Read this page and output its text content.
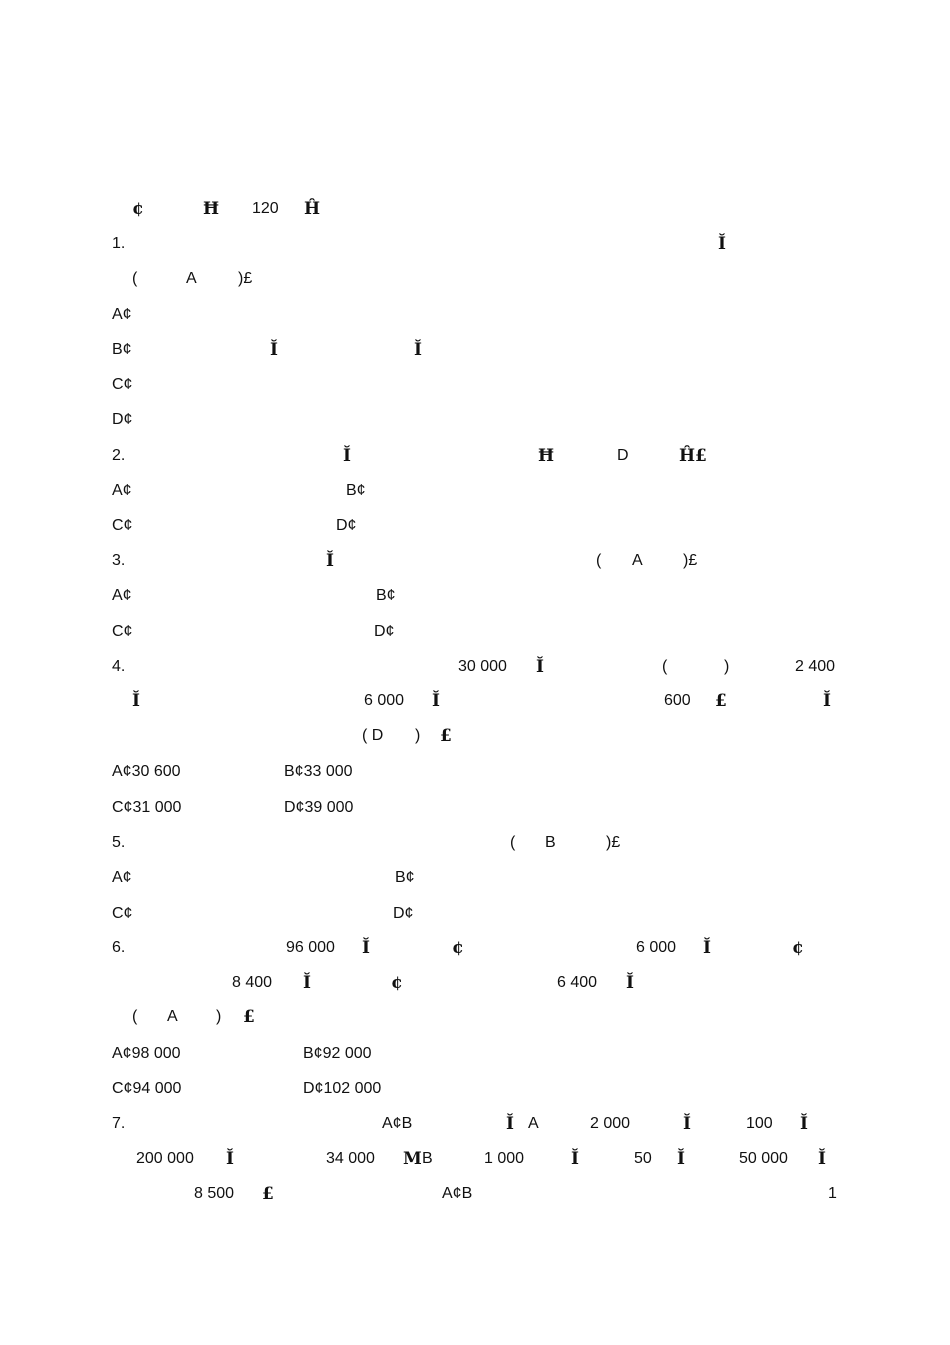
¢	Ħ 120 Ĥ
1.	Ĭ
(	A	)£
A¢
B¢	Ĭ	Ĭ
C¢
D¢
2.	Ĭ	Ħ	D	Ĥ£
A¢	B¢
C¢	D¢
3.	Ĭ	( A	)£
A¢	B¢
C¢	D¢
4.	30 000 Ĭ	(	)	2 400
Ĭ	6 000 Ĭ	600 £	Ĭ
( D ) £
A¢30 600	B¢33 000
C¢31 000	D¢39 000
5.	( B	)£
A¢	B¢
C¢	D¢
6.	96 000 Ĭ	¢	6 000 Ĭ	¢
8 400 Ĭ	¢	6 400 Ĭ
( A ) £
A¢98 000	B¢92 000
C¢94 000	D¢102 000
7.	A¢B	Ĭ A	2 000	Ĭ	100 Ĭ
200 000 Ĭ	34 000 M B	1 000	Ĭ	50 Ĭ	50 000 Ĭ
8 500 £	A¢B	1
